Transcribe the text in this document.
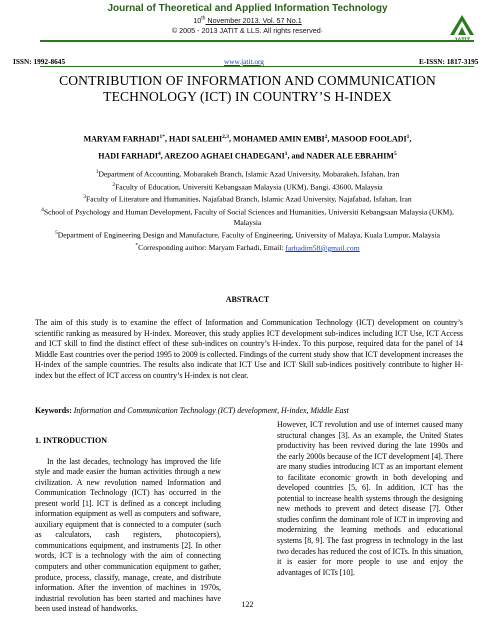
Journal of Theoretical and Applied Information Technology
10th November 2013. Vol. 57 No.1
© 2005 - 2013 JATIT & LLS. All rights reserved·
ISSN: 1992-8645	www.jatit.org	E-ISSN: 1817-3195
CONTRIBUTION OF INFORMATION AND COMMUNICATION TECHNOLOGY (ICT) IN COUNTRY’S H-INDEX
MARYAM $FARHADI^{1*}$, HADI SALEHI$^{2,3}$, MOHAMED AMIN EMBI$^2$, MASOOD FOOLADI$^1$,
HADI FARHADI$^4$, AREZOO AGHAEI CHADEGANI$^1$, and NADER ALE EBRAHIM$^5$
$^1$Department of Accounting, Mobarakeh Branch, Islamic Azad University, Mobarakeh, Isfahan, Iran
$^2$Faculty of Education, Universiti Kebangsaan Malaysia (UKM), Bangi, 43600, Malaysia
$^3$Faculty of Literature and Humanities, Najafabad Branch, Islamic Azad University, Najafabad, Isfahan, Iran
$^4$School of Psychology and Human Development, Faculty of Social Sciences and Humanities, Universiti Kebangsaan Malaysia (UKM), Malaysia
$^5$Department of Engineering Design and Manufacture, Faculty of Engineering, University of Malaya, Kuala Lumpur, Malaysia
*Corresponding author: Maryam Farhadi, Email: farhadim58@gmail.com
ABSTRACT
The aim of this study is to examine the effect of Information and Communication Technology (ICT) development on country’s scientific ranking as measured by H-index. Moreover, this study applies ICT development sub-indices including ICT Use, ICT Access and ICT skill to find the distinct effect of these sub-indices on country’s H-index. To this purpose, required data for the panel of 14 Middle East countries over the period 1995 to 2009 is collected. Findings of the current study show that ICT development increases the H-index of the sample countries. The results also indicate that ICT Use and ICT Skill sub-indices positively contribute to higher H-index but the effect of ICT access on country’s H-index is not clear.
Keywords: Information and Communication Technology (ICT) development, H-index, Middle East
1. INTRODUCTION

In the last decades, technology has improved the life style and made easier the human activities through a new civilization. A new revolution named Information and Communication Technology (ICT) has occurred in the present world [1]. ICT is defined as a concept including information equipment as well as computers and software, auxiliary equipment that is connected to a computer (such as calculators, cash registers, photocopiers), communications equipment, and instruments [2]. In other words, ICT is a technology with the aim of connecting computers and other communication equipment to gather, produce, process, classify, manage, create, and distribute information. After the invention of machines in 1970s, industrial revolution has been started and machines have been used instead of handworks.

However, ICT revolution and use of internet caused many structural changes [3]. As an example, the United States productivity has been revived during the late 1990s and the early 2000s because of the ICT development [4]. There are many studies introducing ICT as an important element to facilitate economic growth in both developing and developed countries [5, 6]. In addition, ICT has the potential to increase health systems through the designing new methods to prevent and detect disease [7]. Other studies confirm the dominant role of ICT in improving and modernizing the learning methods and educational systems [8, 9]. The fast progress in technology in the last two decades has reduced the cost of ICTs. In this situation, it is easier for more people to use and enjoy the advantages of ICTs [10].

122
